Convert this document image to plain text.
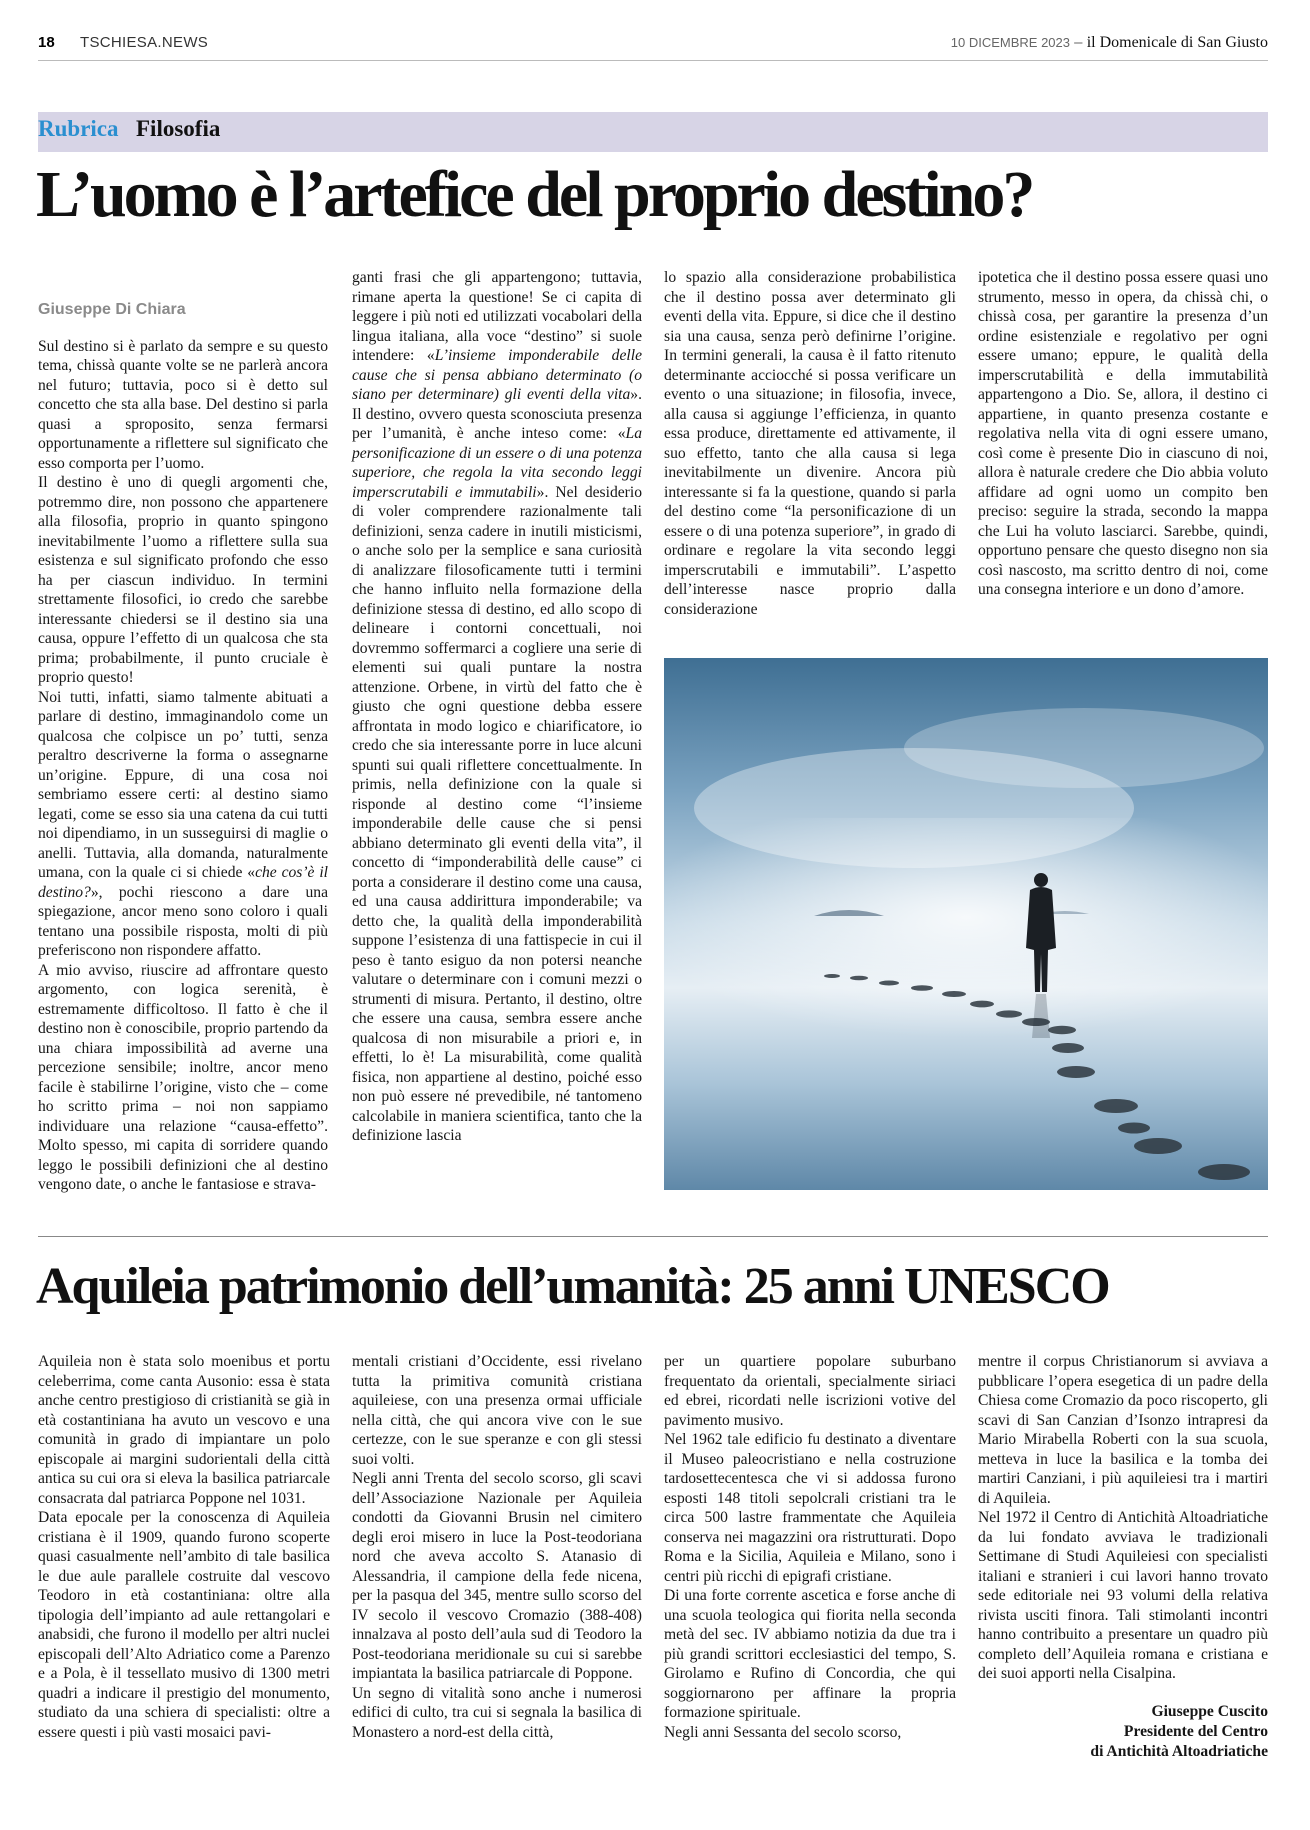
18 TSCHIESA.NEWS	10 DICEMBRE 2023 – il Domenicale di San Giusto
Rubrica Filosofia
L’uomo è l’artefice del proprio destino?
Giuseppe Di Chiara

Sul destino si è parlato da sempre e su questo tema, chissà quante volte se ne parlerà ancora nel futuro; tuttavia, poco si è detto sul concetto che sta alla base. Del destino si parla quasi a sproposito, senza fermarsi opportunamente a riflettere sul significato che esso comporta per l’uomo.

Il destino è uno di quegli argomenti che, potremmo dire, non possono che appartenere alla filosofia, proprio in quanto spingono inevitabilmente l’uomo a riflettere sulla sua esistenza e sul significato profondo che esso ha per ciascun individuo. In termini strettamente filosofici, io credo che sarebbe interessante chiedersi se il destino sia una causa, oppure l’effetto di un qualcosa che sta prima; probabilmente, il punto cruciale è proprio questo!

Noi tutti, infatti, siamo talmente abituati a parlare di destino, immaginandolo come un qualcosa che colpisce un po’ tutti, senza peraltro descriverne la forma o assegnarne un’origine. Eppure, di una cosa noi sembriamo essere certi: al destino siamo legati, come se esso sia una catena da cui tutti noi dipendiamo, in un susseguirsi di maglie o anelli. Tuttavia, alla domanda, naturalmente umana, con la quale ci si chiede «che cos’è il destino?», pochi riescono a dare una spiegazione, ancor meno sono coloro i quali tentano una possibile risposta, molti di più preferiscono non rispondere affatto.

A mio avviso, riuscire ad affrontare questo argomento, con logica serenità, è estremamente difficoltoso. Il fatto è che il destino non è conoscibile, proprio partendo da una chiara impossibilità ad averne una percezione sensibile; inoltre, ancor meno facile è stabilirne l’origine, visto che – come ho scritto prima – noi non sappiamo individuare una relazione “causa-effetto”. Molto spesso, mi capita di sorridere quando leggo le possibili definizioni che al destino vengono date, o anche le fantasiose e strava-

ganti frasi che gli appartengono; tuttavia, rimane aperta la questione! Se ci capita di leggere i più noti ed utilizzati vocabolari della lingua italiana, alla voce “destino” si suole intendere: «L’insieme imponderabile delle cause che si pensa abbiano determinato (o siano per determinare) gli eventi della vita». Il destino, ovvero questa sconosciuta presenza per l’umanità, è anche inteso come: «La personificazione di un essere o di una potenza superiore, che regola la vita secondo leggi imperscrutabili e immutabili». Nel desiderio di voler comprendere razionalmente tali definizioni, senza cadere in inutili misticismi, o anche solo per la semplice e sana curiosità di analizzare filosoficamente tutti i termini che hanno influito nella formazione della definizione stessa di destino, ed allo scopo di delineare i contorni concettuali, noi dovremmo soffermarci a cogliere una serie di elementi sui quali puntare la nostra attenzione. Orbene, in virtù del fatto che è giusto che ogni questione debba essere affrontata in modo logico e chiarificatore, io credo che sia interessante porre in luce alcuni spunti sui quali riflettere concettualmente. In primis, nella definizione con la quale si risponde al destino come “l’insieme imponderabile delle cause che si pensi abbiano determinato gli eventi della vita”, il concetto di “imponderabilità delle cause” ci porta a considerare il destino come una causa, ed una causa addirittura imponderabile; va detto che, la qualità della imponderabilità suppone l’esistenza di una fattispecie in cui il peso è tanto esiguo da non potersi neanche valutare o determinare con i comuni mezzi o strumenti di misura. Pertanto, il destino, oltre che essere una causa, sembra essere anche qualcosa di non misurabile a priori e, in effetti, lo è! La misurabilità, come qualità fisica, non appartiene al destino, poiché esso non può essere né prevedibile, né tantomeno calcolabile in maniera scientifica, tanto che la definizione lascia

lo spazio alla considerazione probabilistica che il destino possa aver determinato gli eventi della vita. Eppure, si dice che il destino sia una causa, senza però definirne l’origine. In termini generali, la causa è il fatto ritenuto determinante acciocché si possa verificare un evento o una situazione; in filosofia, invece, alla causa si aggiunge l’efficienza, in quanto essa produce, direttamente ed attivamente, il suo effetto, tanto che alla causa si lega inevitabilmente un divenire. Ancora più interessante si fa la questione, quando si parla del destino come “la personificazione di un essere o di una potenza superiore”, in grado di ordinare e regolare la vita secondo leggi imperscrutabili e immutabili”. L’aspetto dell’interesse nasce proprio dalla considerazione

ipotetica che il destino possa essere quasi uno strumento, messo in opera, da chissà chi, o chissà cosa, per garantire la presenza d’un ordine esistenziale e regolativo per ogni essere umano; eppure, le qualità della imperscrutabilità e della immutabilità appartengono a Dio. Se, allora, il destino ci appartiene, in quanto presenza costante e regolativa nella vita di ogni essere umano, così come è presente Dio in ciascuno di noi, allora è naturale credere che Dio abbia voluto affidare ad ogni uomo un compito ben preciso: seguire la strada, secondo la mappa che Lui ha voluto lasciarci. Sarebbe, quindi, opportuno pensare che questo disegno non sia così nascosto, ma scritto dentro di noi, come una consegna interiore e un dono d’amore.

Aquileia patrimonio dell’umanità: 25 anni UNESCO

Aquileia non è stata solo moenibus et portu celeberrima, come canta Ausonio: essa è stata anche centro prestigioso di cristianità se già in età costantiniana ha avuto un vescovo e una comunità in grado di impiantare un polo episcopale ai margini sudorientali della città antica su cui ora si eleva la basilica patriarcale consacrata dal patriarca Poppone nel 1031.

Data epocale per la conoscenza di Aquileia cristiana è il 1909, quando furono scoperte quasi casualmente nell’ambito di tale basilica le due aule parallele costruite dal vescovo Teodoro in età costantiniana: oltre alla tipologia dell’impianto ad aule rettangolari e anabsidi, che furono il modello per altri nuclei episcopali dell’Alto Adriatico come a Parenzo e a Pola, è il tessellato musivo di 1300 metri quadri a indicare il prestigio del monumento, studiato da una schiera di specialisti: oltre a essere questi i più vasti mosaici pavi-

mentali cristiani d’Occidente, essi rivelano tutta la primitiva comunità cristiana aquileiese, con una presenza ormai ufficiale nella città, che qui ancora vive con le sue certezze, con le sue speranze e con gli stessi suoi volti.

Negli anni Trenta del secolo scorso, gli scavi dell’Associazione Nazionale per Aquileia condotti da Giovanni Brusin nel cimitero degli eroi misero in luce la Post-teodoriana nord che aveva accolto S. Atanasio di Alessandria, il campione della fede nicena, per la pasqua del 345, mentre sullo scorso del IV secolo il vescovo Cromazio (388-408) innalzava al posto dell’aula sud di Teodoro la Post-teodoriana meridionale su cui si sarebbe impiantata la basilica patriarcale di Poppone.

Un segno di vitalità sono anche i numerosi edifici di culto, tra cui si segnala la basilica di Monastero a nord-est della città,

per un quartiere popolare suburbano frequentato da orientali, specialmente siriaci ed ebrei, ricordati nelle iscrizioni votive del pavimento musivo.

Nel 1962 tale edificio fu destinato a diventare il Museo paleocristiano e nella costruzione tardosettecentesca che vi si addossa furono esposti 148 titoli sepolcrali cristiani tra le circa 500 lastre frammentate che Aquileia conserva nei magazzini ora ristrutturati. Dopo Roma e la Sicilia, Aquileia e Milano, sono i centri più ricchi di epigrafi cristiane.

Di una forte corrente ascetica e forse anche di una scuola teologica qui fiorita nella seconda metà del sec. IV abbiamo notizia da due tra i più grandi scrittori ecclesiastici del tempo, S. Girolamo e Rufino di Concordia, che qui soggiornarono per affinare la propria formazione spirituale.

Negli anni Sessanta del secolo scorso,

mentre il corpus Christianorum si avviava a pubblicare l’opera esegetica di un padre della Chiesa come Cromazio da poco riscoperto, gli scavi di San Canzian d’Isonzo intrapresi da Mario Mirabella Roberti con la sua scuola, metteva in luce la basilica e la tomba dei martiri Canziani, i più aquileiesi tra i martiri di Aquileia.

Nel 1972 il Centro di Antichità Altoadriatiche da lui fondato avviava le tradizionali Settimane di Studi Aquileiesi con specialisti italiani e stranieri i cui lavori hanno trovato sede editoriale nei 93 volumi della relativa rivista usciti finora. Tali stimolanti incontri hanno contribuito a presentare un quadro più completo dell’Aquileia romana e cristiana e dei suoi apporti nella Cisalpina.

Giuseppe Cuscito
Presidente del Centro
di Antichità Altoadriatiche
